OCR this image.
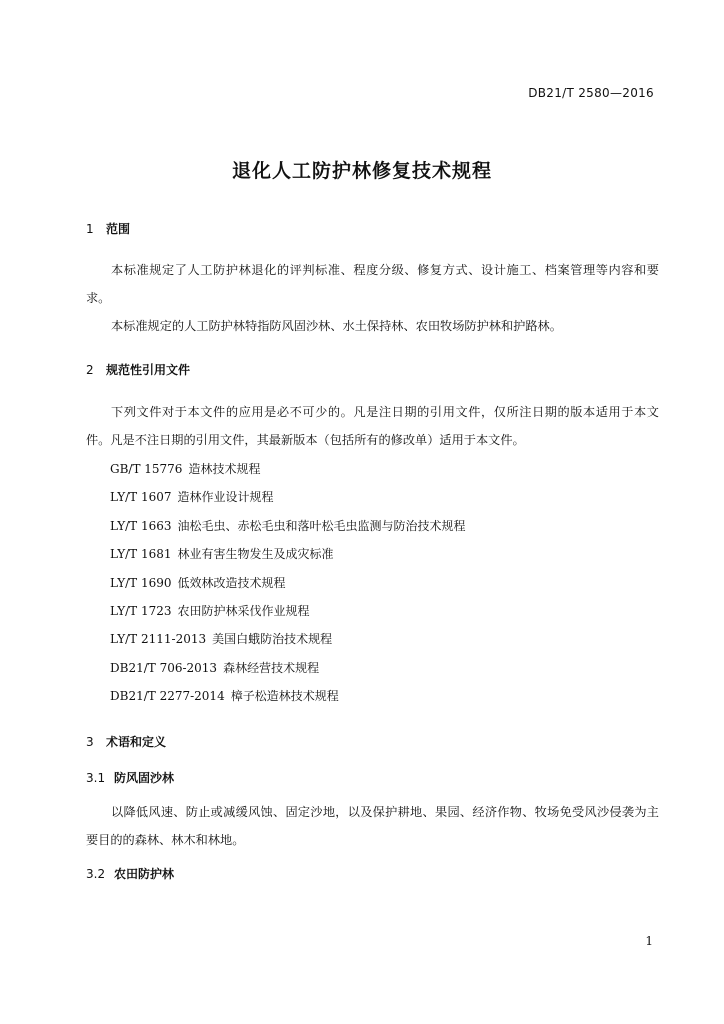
DB21/T 2580—2016
退化人工防护林修复技术规程
1 范围
本标准规定了人工防护林退化的评判标准、程度分级、修复方式、设计施工、档案管理等内容和要求。
本标准规定的人工防护林特指防风固沙林、水土保持林、农田牧场防护林和护路林。
2 规范性引用文件
下列文件对于本文件的应用是必不可少的。凡是注日期的引用文件，仅所注日期的版本适用于本文件。凡是不注日期的引用文件，其最新版本（包括所有的修改单）适用于本文件。
GB/T 15776 造林技术规程
LY/T 1607 造林作业设计规程
LY/T 1663 油松毛虫、赤松毛虫和落叶松毛虫监测与防治技术规程
LY/T 1681 林业有害生物发生及成灾标准
LY/T 1690 低效林改造技术规程
LY/T 1723 农田防护林采伐作业规程
LY/T 2111-2013 美国白蛾防治技术规程
DB21/T 706-2013 森林经营技术规程
DB21/T 2277-2014 樟子松造林技术规程
3 术语和定义
3.1 防风固沙林
以降低风速、防止或减缓风蚀、固定沙地，以及保护耕地、果园、经济作物、牧场免受风沙侵袭为主要目的的森林、林木和林地。
3.2 农田防护林
1
